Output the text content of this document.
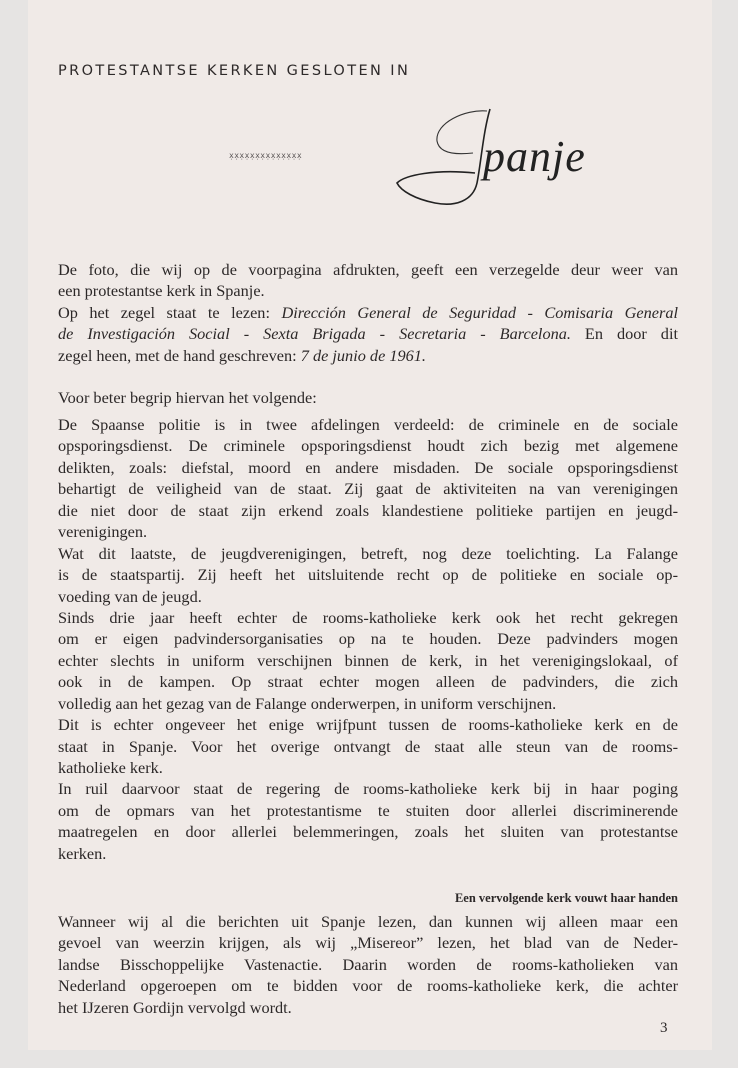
PROTESTANTSE KERKEN GESLOTEN IN
x̣x̣x̣x̣x̣x̣x̣x̣x̣x̣x̣x̣x̣x̣	panje
De foto, die wij op de voorpagina afdrukten, geeft een verzegelde deur weer van
een protestantse kerk in Spanje.
Op het zegel staat te lezen: Dirección General de Seguridad - Comisaria General
de Investigación Social - Sexta Brigada - Secretaria - Barcelona. En door dit
zegel heen, met de hand geschreven: 7 de junio de 1961.
Voor beter begrip hiervan het volgende:
De Spaanse politie is in twee afdelingen verdeeld: de criminele en de sociale
opsporingsdienst. De criminele opsporingsdienst houdt zich bezig met algemene
delikten, zoals: diefstal, moord en andere misdaden. De sociale opsporingsdienst
behartigt de veiligheid van de staat. Zij gaat de aktiviteiten na van verenigingen
die niet door de staat zijn erkend zoals klandestiene politieke partijen en jeugd-
verenigingen.
Wat dit laatste, de jeugdverenigingen, betreft, nog deze toelichting. La Falange
is de staatspartij. Zij heeft het uitsluitende recht op de politieke en sociale op-
voeding van de jeugd.
Sinds drie jaar heeft echter de rooms-katholieke kerk ook het recht gekregen
om er eigen padvindersorganisaties op na te houden. Deze padvinders mogen
echter slechts in uniform verschijnen binnen de kerk, in het verenigingslokaal, of
ook in de kampen. Op straat echter mogen alleen de padvinders, die zich
volledig aan het gezag van de Falange onderwerpen, in uniform verschijnen.
Dit is echter ongeveer het enige wrijfpunt tussen de rooms-katholieke kerk en de
staat in Spanje. Voor het overige ontvangt de staat alle steun van de rooms-
katholieke kerk.
In ruil daarvoor staat de regering de rooms-katholieke kerk bij in haar poging
om de opmars van het protestantisme te stuiten door allerlei discriminerende
maatregelen en door allerlei belemmeringen, zoals het sluiten van protestantse
kerken.
Een vervolgende kerk vouwt haar handen
Wanneer wij al die berichten uit Spanje lezen, dan kunnen wij alleen maar een
gevoel van weerzin krijgen, als wij „Misereor” lezen, het blad van de Neder-
landse Bisschoppelijke Vastenactie. Daarin worden de rooms-katholieken van
Nederland opgeroepen om te bidden voor de rooms-katholieke kerk, die achter
het IJzeren Gordijn vervolgd wordt.
3
